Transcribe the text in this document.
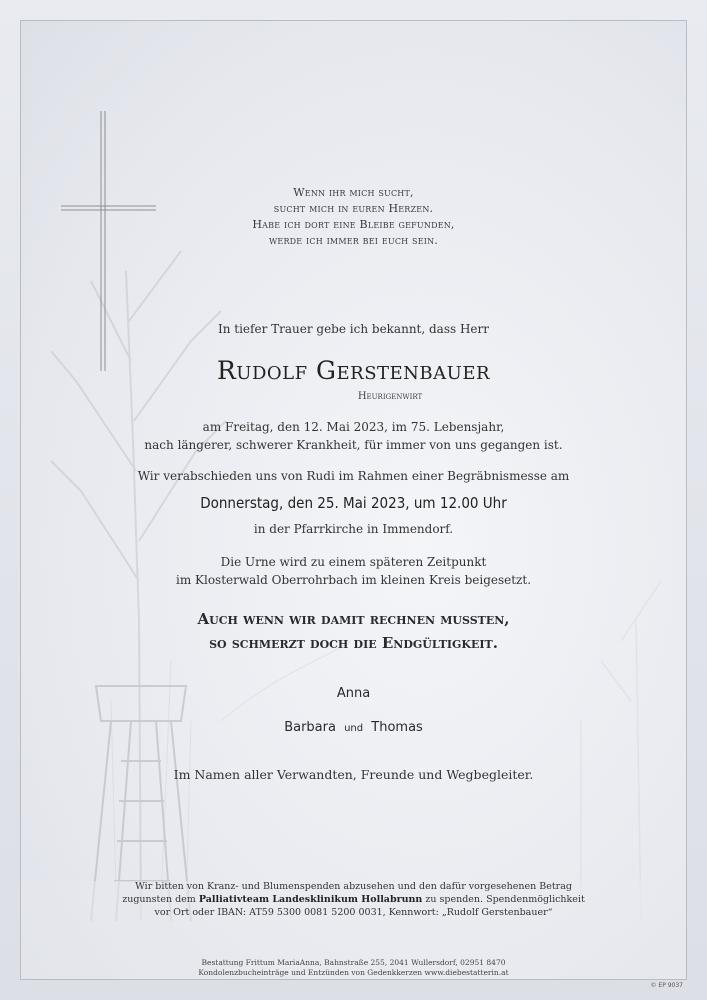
Wenn ihr mich sucht,
sucht mich in euren Herzen.
Habe ich dort eine Bleibe gefunden,
werde ich immer bei euch sein.
In tiefer Trauer gebe ich bekannt, dass Herr
Rudolf Gerstenbauer
Heurigenwirt
am Freitag, den 12. Mai 2023, im 75. Lebensjahr,
nach längerer, schwerer Krankheit, für immer von uns gegangen ist.
Wir verabschieden uns von Rudi im Rahmen einer Begräbnismesse am
Donnerstag, den 25. Mai 2023, um 12.00 Uhr
in der Pfarrkirche in Immendorf.
Die Urne wird zu einem späteren Zeitpunkt
im Klosterwald Oberrohrbach im kleinen Kreis beigesetzt.
Auch wenn wir damit rechnen mussten,
so schmerzt doch die Endgültigkeit.
Anna
Barbara und Thomas
Im Namen aller Verwandten, Freunde und Wegbegleiter.
Wir bitten von Kranz- und Blumenspenden abzusehen und den dafür vorgesehenen Betrag
zugunsten dem Palliativteam Landesklinikum Hollabrunn zu spenden. Spendenmöglichkeit
vor Ort oder IBAN: AT59 5300 0081 5200 0031, Kennwort: „Rudolf Gerstenbauer“
Bestattung Frittum MariaAnna, Bahnstraße 255, 2041 Wullersdorf, 02951 8470
Kondolenzbucheinträge und Entzünden von Gedenkkerzen www.diebestatterin.at
© EP 9037
